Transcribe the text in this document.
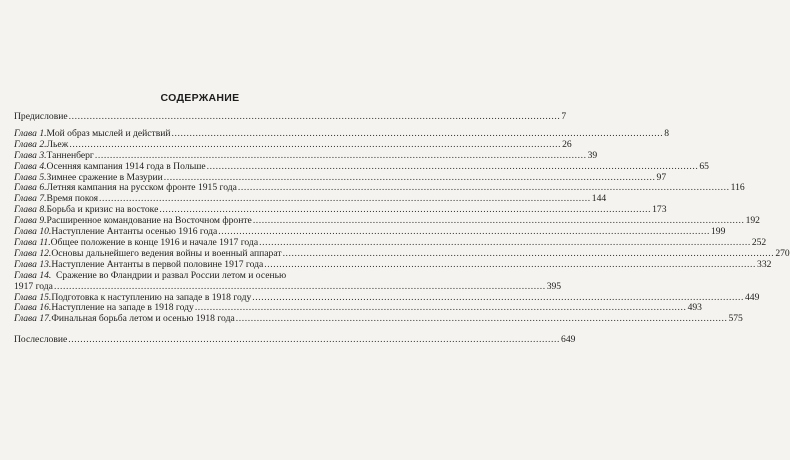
СОДЕРЖАНИЕ
Предисловие .....	7
Глава 1. Мой образ мыслей и действий .....	8
Глава 2. Льеж .....	26
Глава 3. Танненберг .....	39
Глава 4. Осенняя кампания 1914 года в Польше .....	65
Глава 5. Зимнее сражение в Мазурии .....	97
Глава 6. Летняя кампания на русском фронте 1915 года .....	116
Глава 7. Время покоя .....	144
Глава 8. Борьба и кризис на востоке .....	173
Глава 9. Расширенное командование на Восточном фронте .....	192
Глава 10. Наступление Антанты осенью 1916 года .....	199
Глава 11. Общее положение в конце 1916 и начале 1917 года .....	252
Глава 12. Основы дальнейшего ведения войны и военный аппарат .....	270
Глава 13. Наступление Антанты в первой половине 1917 года .....	332
Глава 14. Сражение во Фландрии и развал России летом и осенью
1917 года .....	395
Глава 15. Подготовка к наступлению на западе в 1918 году .....	449
Глава 16. Наступление на западе в 1918 году .....	493
Глава 17. Финальная борьба летом и осенью 1918 года .....	575
Послесловие .....	649
